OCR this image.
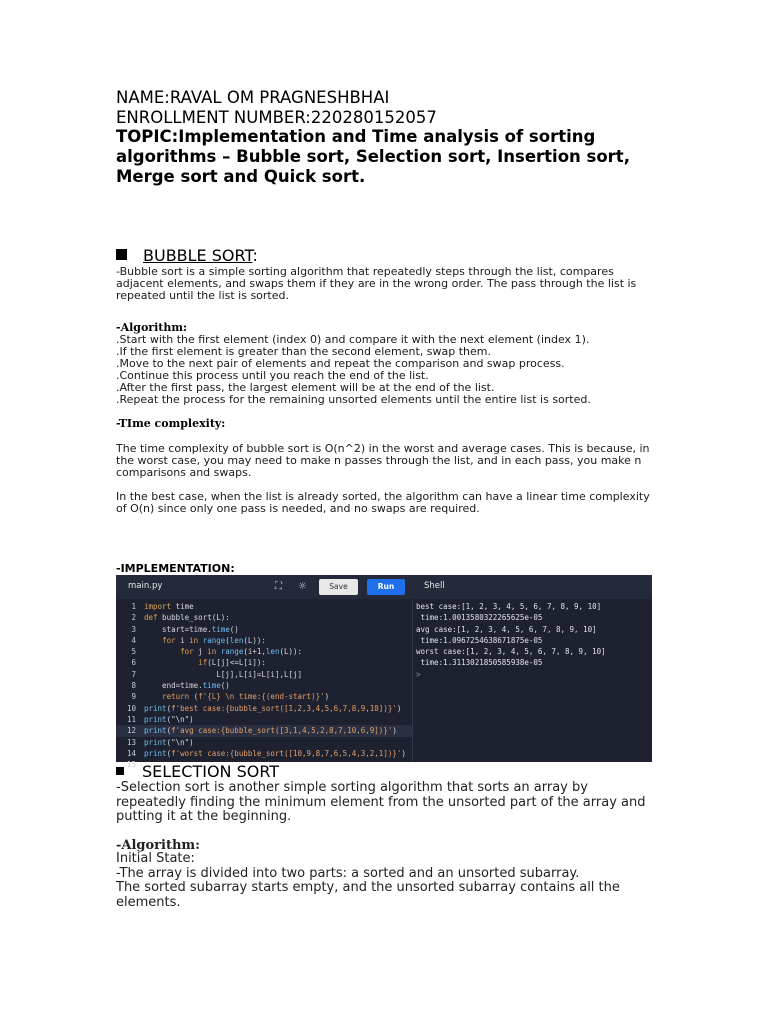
NAME:RAVAL OM PRAGNESHBHAI
ENROLLMENT NUMBER:220280152057
TOPIC:Implementation and Time analysis of sorting algorithms – Bubble sort, Selection sort, Insertion sort, Merge sort and Quick sort.
BUBBLE SORT:
-Bubble sort is a simple sorting algorithm that repeatedly steps through the list, compares adjacent elements, and swaps them if they are in the wrong order. The pass through the list is repeated until the list is sorted.
-Algorithm:

.Start with the first element (index 0) and compare it with the next element (index 1).

.If the first element is greater than the second element, swap them.

.Move to the next pair of elements and repeat the comparison and swap process.

.Continue this process until you reach the end of the list.

.After the first pass, the largest element will be at the end of the list.

.Repeat the process for the remaining unsorted elements until the entire list is sorted.

-TIme complexity:
The time complexity of bubble sort is O(n^2) in the worst and average cases. This is because, in the worst case, you may need to make n passes through the list, and in each pass, you make n comparisons and swaps.
In the best case, when the list is already sorted, the algorithm can have a linear time complexity of O(n) since only one pass is needed, and no swaps are required.
-IMPLEMENTATION:
main.py	⛶	☼	Save	Run	Shell
1 import time
2 def bubble_sort(L):
3    start=time.time()
4	for i in range(len(L)):
5	for j in range(i+1,len(L)):
6	if(L[j]<=L[i]):
7                L[j],L[i]=L[i],L[j]
8    end=time.time()
9	return (f'{L} \n time:{(end-start)}')
10 print(f'best case:{bubble_sort([1,2,3,4,5,6,7,8,9,10])}')
11 print("\n")
12 print(f'avg case:{bubble_sort([3,1,4,5,2,8,7,10,6,9])}')
13 print("\n")
14 print(f'worst case:{bubble_sort([10,9,8,7,6,5,4,3,2,1])}')
15
best case:[1, 2, 3, 4, 5, 6, 7, 8, 9, 10]
time:1.0013580322265625e-05
avg case:[1, 2, 3, 4, 5, 6, 7, 8, 9, 10]
time:1.0967254638671875e-05
worst case:[1, 2, 3, 4, 5, 6, 7, 8, 9, 10]
time:1.3113021850585938e-05
>
SELECTION SORT
-Selection sort is another simple sorting algorithm that sorts an array by repeatedly finding the minimum element from the unsorted part of the array and putting it at the beginning.
-Algorithm:

Initial State:

-The array is divided into two parts: a sorted and an unsorted subarray.

The sorted subarray starts empty, and the unsorted subarray contains all the elements.
